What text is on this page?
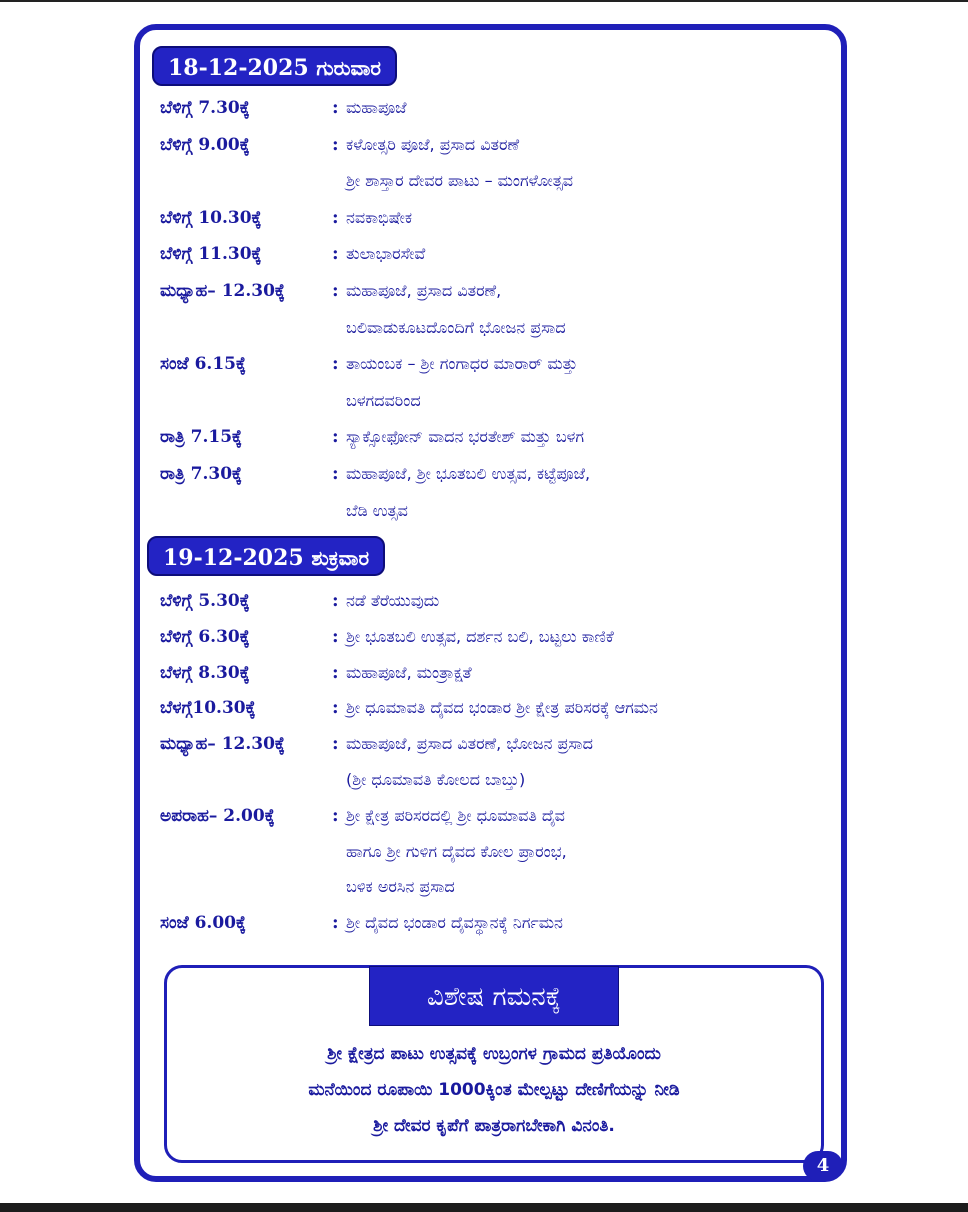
18-12-2025 ಗುರುವಾರ
ಬೆಳಿಗ್ಗೆ 7.30ಕ್ಕೆ	: ಮಹಾಪೂಜೆ
ಬೆಳಿಗ್ಗೆ 9.00ಕ್ಕೆ	: ಕಳೋತ್ಸರಿ ಪೂಜೆ, ಪ್ರಸಾದ ವಿತರಣೆ
ಶ್ರೀ ಶಾಸ್ತಾರ ದೇವರ ಪಾಟು – ಮಂಗಳೋತ್ಸವ
ಬೆಳಿಗ್ಗೆ 10.30ಕ್ಕೆ	: ನವಕಾಭಿಷೇಕ
ಬೆಳಿಗ್ಗೆ 11.30ಕ್ಕೆ	: ತುಲಾಭಾರಸೇವೆ
ಮಧ್ಯಾಹ– 12.30ಕ್ಕೆ	: ಮಹಾಪೂಜೆ, ಪ್ರಸಾದ ವಿತರಣೆ,
ಬಲಿವಾಡುಕೂಟದೊಂದಿಗೆ ಭೋಜನ ಪ್ರಸಾದ
ಸಂಜೆ 6.15ಕ್ಕೆ	: ತಾಯಂಬಕ – ಶ್ರೀ ಗಂಗಾಧರ ಮಾರಾರ್ ಮತ್ತು
ಬಳಗದವರಿಂದ
ರಾತ್ರಿ 7.15ಕ್ಕೆ	: ಸ್ಯಾಕ್ಸೋಫೋನ್ ವಾದನ ಭರತೇಶ್ ಮತ್ತು ಬಳಗ
ರಾತ್ರಿ 7.30ಕ್ಕೆ	: ಮಹಾಪೂಜೆ, ಶ್ರೀ ಭೂತಬಲಿ ಉತ್ಸವ, ಕಟ್ಟೆಪೂಜೆ,
ಬೆಡಿ ಉತ್ಸವ
19-12-2025 ಶುಕ್ರವಾರ
ಬೆಳಿಗ್ಗೆ 5.30ಕ್ಕೆ	: ನಡೆ ತೆರೆಯುವುದು
ಬೆಳಿಗ್ಗೆ 6.30ಕ್ಕೆ	: ಶ್ರೀ ಭೂತಬಲಿ ಉತ್ಸವ, ದರ್ಶನ ಬಲಿ, ಬಟ್ಟಲು ಕಾಣಿಕೆ
ಬೆಳಗ್ಗೆ 8.30ಕ್ಕೆ	: ಮಹಾಪೂಜೆ, ಮಂತ್ರಾಕ್ಷತೆ
ಬೆಳಗ್ಗೆ10.30ಕ್ಕೆ	: ಶ್ರೀ ಧೂಮಾವತಿ ದೈವದ ಭಂಡಾರ ಶ್ರೀ ಕ್ಷೇತ್ರ ಪರಿಸರಕ್ಕೆ ಆಗಮನ
ಮಧ್ಯಾಹ– 12.30ಕ್ಕೆ	: ಮಹಾಪೂಜೆ, ಪ್ರಸಾದ ವಿತರಣೆ, ಭೋಜನ ಪ್ರಸಾದ
(ಶ್ರೀ ಧೂಮಾವತಿ ಕೋಲದ ಬಾಬ್ತು)
ಅಪರಾಹ– 2.00ಕ್ಕೆ	: ಶ್ರೀ ಕ್ಷೇತ್ರ ಪರಿಸರದಲ್ಲಿ ಶ್ರೀ ಧೂಮಾವತಿ ದೈವ
ಹಾಗೂ ಶ್ರೀ ಗುಳಿಗ ದೈವದ ಕೋಲ ಪ್ರಾರಂಭ,
ಬಳಿಕ ಅರಸಿನ ಪ್ರಸಾದ
ಸಂಜೆ 6.00ಕ್ಕೆ	: ಶ್ರೀ ದೈವದ ಭಂಡಾರ ದೈವಸ್ಥಾನಕ್ಕೆ ನಿರ್ಗಮನ
ವಿಶೇಷ ಗಮನಕ್ಕೆ
ಶ್ರೀ ಕ್ಷೇತ್ರದ ಪಾಟು ಉತ್ಸವಕ್ಕೆ ಉಬ್ರಂಗಳ ಗ್ರಾಮದ ಪ್ರತಿಯೊಂದು
ಮನೆಯಿಂದ ರೂಪಾಯಿ 1000ಕ್ಕಿಂತ ಮೇಲ್ಪಟ್ಟು ದೇಣಿಗೆಯನ್ನು ನೀಡಿ
ಶ್ರೀ ದೇವರ ಕೃಪೆಗೆ ಪಾತ್ರರಾಗಬೇಕಾಗಿ ವಿನಂತಿ.
4
